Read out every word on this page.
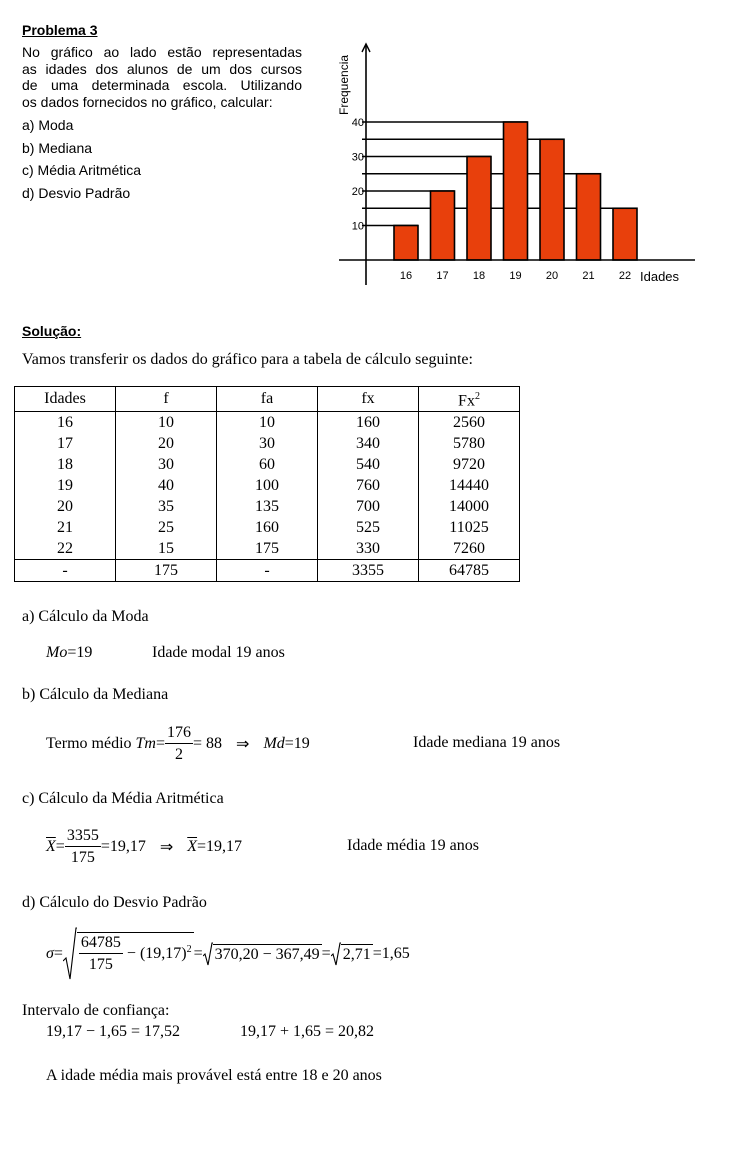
Problema 3
No gráfico ao lado estão representadas
as idades dos alunos de um dos cursos
de uma determinada escola. Utilizando
os dados fornecidos no gráfico, calcular:
a) Moda
b) Mediana
c) Média Aritmética
d) Desvio Padrão
10
20
30
40
16 17 18 19 20 21 22 Idades
Frequencia
Solução:
Vamos transferir os dados do gráfico para a tabela de cálculo seguinte:
Idades	f	fa	fx	Fx$^2$
16	10	10	160	2560
17	20	30	340	5780
18	30	60	540	9720
19	40	100	760	14440
20	35	135	700	14000
21	25	160	525	11025
22	15	175	330	7260
-	175	-	3355	64785
a) Cálculo da Moda
Mo=19	Idade modal 19 anos
b) Cálculo da Mediana
Termo médio
$Tm = \frac{176}{2} = 88$ ⇒ Md =19	Idade mediana 19 anos
c) Cálculo da Média Aritmética
$\overline{X} = \frac{3355}{175} =19,17$ ⇒ $\overline{X} =19,17$	Idade média 19 anos
d) Cálculo do Desvio Padrão
$\sigma = \frac{64785}{175} - (19,17)^2 = 370,20 - 367,49 = 2,71 =1,65$
Intervalo de confiança:
19,17 − 1,65 = 17,52	19,17 + 1,65 = 20,82
A idade média mais provável está entre 18 e 20 anos
